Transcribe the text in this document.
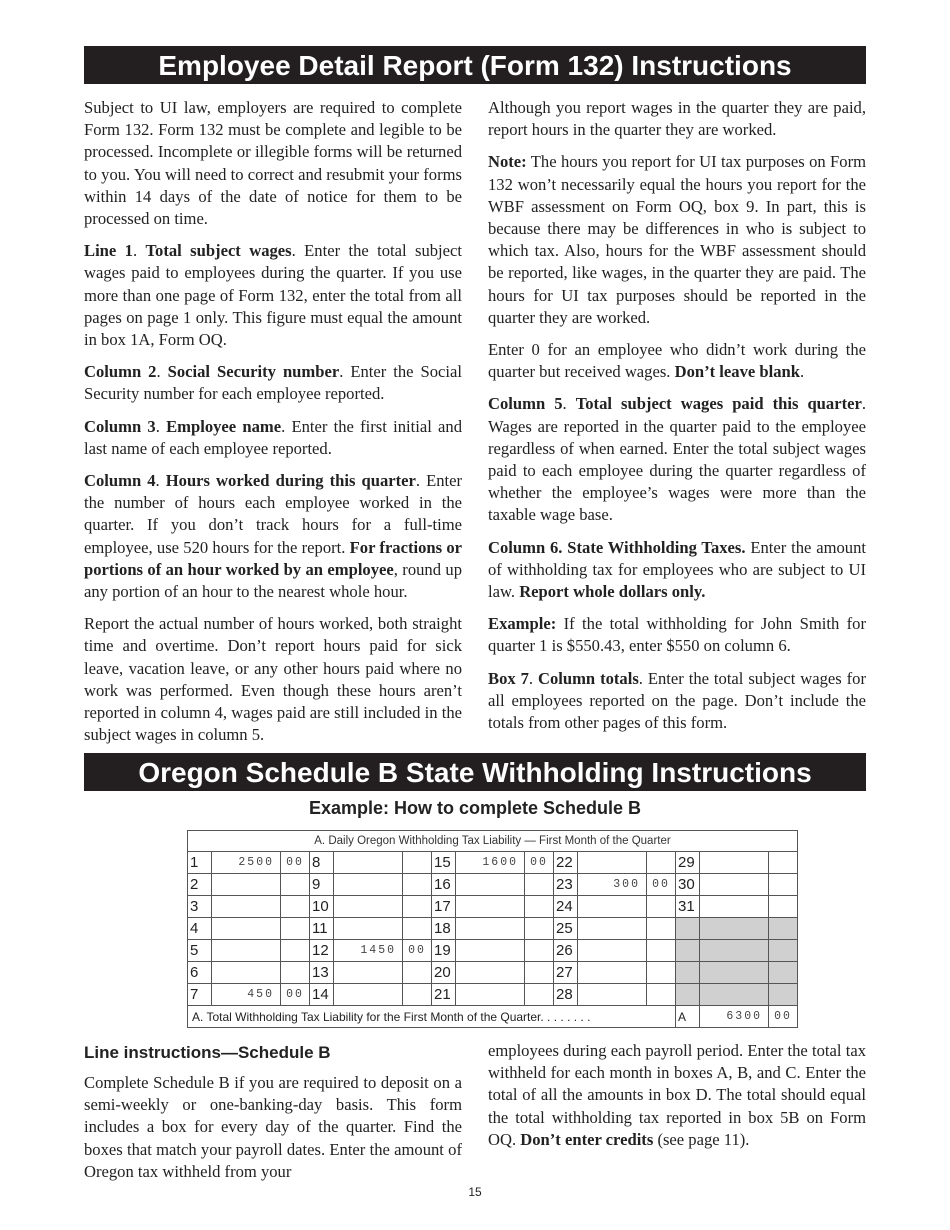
Employee Detail Report (Form 132) Instructions

Subject to UI law, employers are required to complete Form 132. Form 132 must be complete and legible to be processed. Incomplete or illegible forms will be returned to you. You will need to correct and resubmit your forms within 14 days of the date of notice for them to be processed on time.

Line 1. Total subject wages. Enter the total subject wages paid to employees during the quarter. If you use more than one page of Form 132, enter the total from all pages on page 1 only. This figure must equal the amount in box 1A, Form OQ.

Column 2. Social Security number. Enter the Social Security number for each employee reported.

Column 3. Employee name. Enter the first initial and last name of each employee reported.

Column 4. Hours worked during this quarter. Enter the number of hours each employee worked in the quarter. If you don’t track hours for a full-time employee, use 520 hours for the report. For fractions or portions of an hour worked by an employee, round up any portion of an hour to the nearest whole hour.

Report the actual number of hours worked, both straight time and overtime. Don’t report hours paid for sick leave, vacation leave, or any other hours paid where no work was performed. Even though these hours aren’t reported in column 4, wages paid are still included in the subject wages in column 5.

Although you report wages in the quarter they are paid, report hours in the quarter they are worked.

Note: The hours you report for UI tax purposes on Form 132 won’t necessarily equal the hours you report for the WBF assessment on Form OQ, box 9. In part, this is because there may be differences in who is subject to which tax. Also, hours for the WBF assessment should be reported, like wages, in the quarter they are paid. The hours for UI tax purposes should be reported in the quarter they are worked.

Enter 0 for an employee who didn’t work during the quarter but received wages. Don’t leave blank.

Column 5. Total subject wages paid this quarter. Wages are reported in the quarter paid to the employee regardless of when earned. Enter the total subject wages paid to each employee during the quarter regardless of whether the employee’s wages were more than the taxable wage base.

Column 6. State Withholding Taxes. Enter the amount of withholding tax for employees who are subject to UI law. Report whole dollars only.

Example: If the total withholding for John Smith for quarter 1 is $550.43, enter $550 on column 6.

Box 7. Column totals. Enter the total subject wages for all employees reported on the page. Don’t include the totals from other pages of this form.

Oregon Schedule B State Withholding Instructions
Example: How to complete Schedule B
A. Daily Oregon Withholding Tax Liability — First Month of the Quarter														
1	2500	00	8			15	1600	00	22			29		
2			9			16			23	300	00	30		
3			10			17			24			31		
4			11			18			25					
5			12	1450	00	19			26					
6			13			20			27					
7	450	00	14			21			28					
A. Total Withholding Tax Liability for the First Month of the Quarter. . . . . . . .												A	6300	00
Line instructions—Schedule B

Complete Schedule B if you are required to deposit on a semi-weekly or one-banking-day basis. This form includes a box for every day of the quarter. Find the boxes that match your payroll dates. Enter the amount of Oregon tax withheld from your

employees during each payroll period. Enter the total tax withheld for each month in boxes A, B, and C. Enter the total of all the amounts in box D. The total should equal the total withholding tax reported in box 5B on Form OQ. Don’t enter credits (see page 11).

15
